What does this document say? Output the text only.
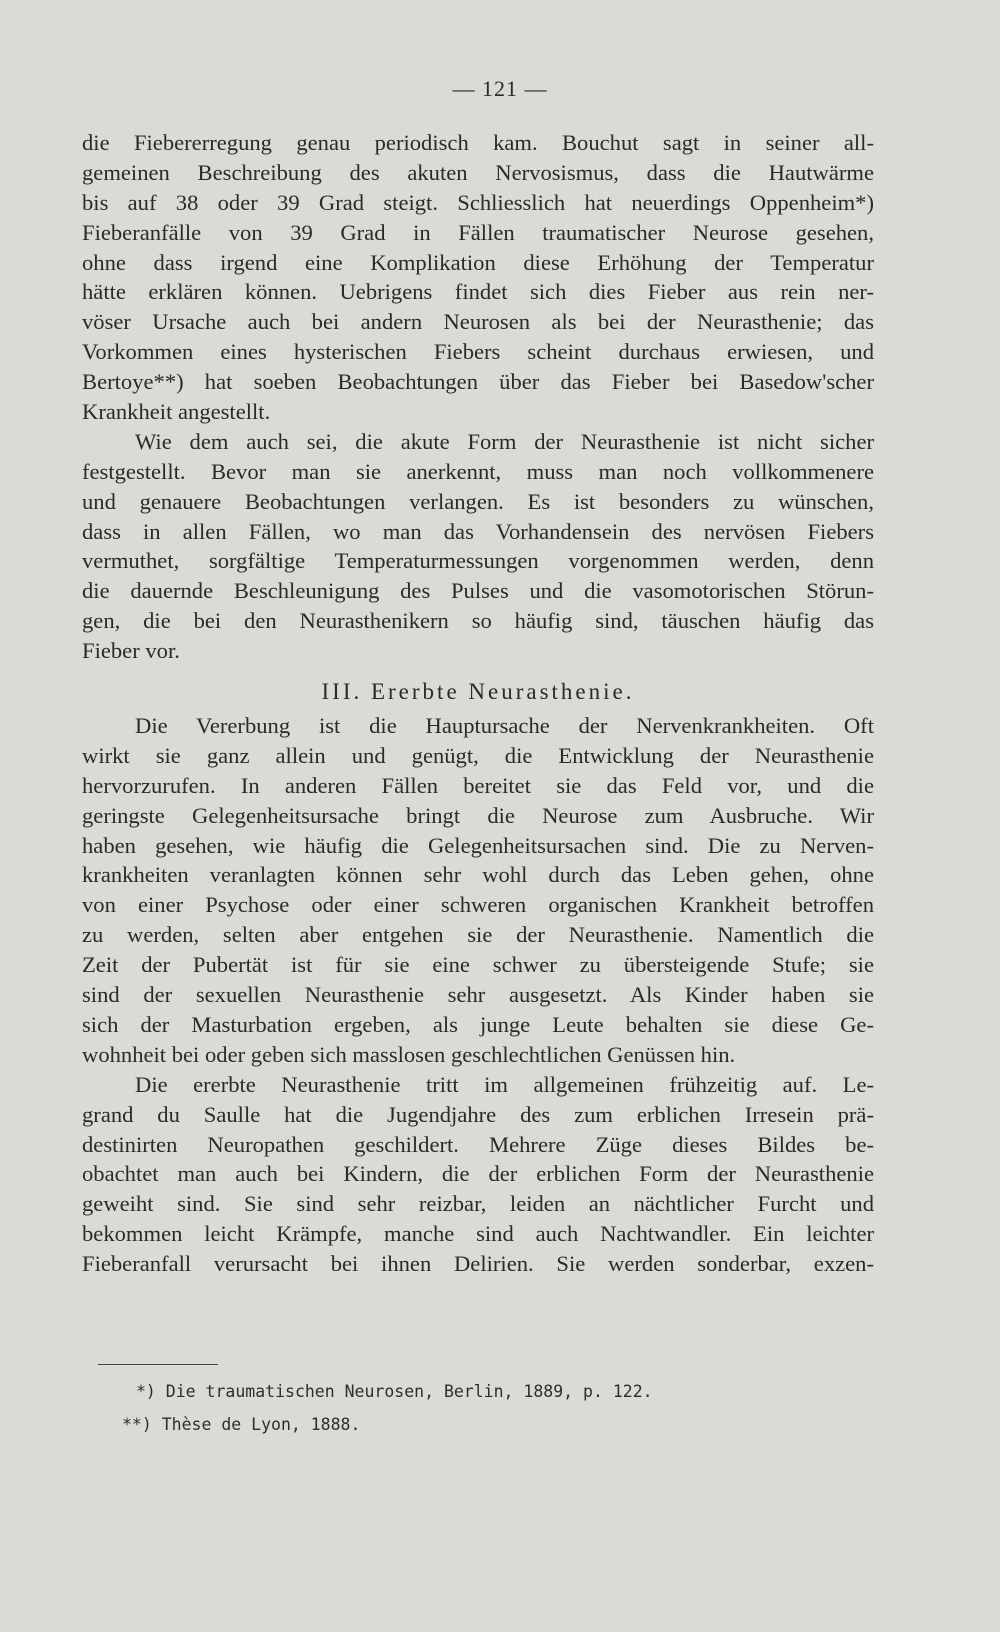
— 121 —
die Fiebererregung genau periodisch kam. Bouchut sagt in seiner all-
gemeinen Beschreibung des akuten Nervosismus, dass die Hautwärme
bis auf 38 oder 39 Grad steigt. Schliesslich hat neuerdings Oppenheim*)
Fieberanfälle von 39 Grad in Fällen traumatischer Neurose gesehen,
ohne dass irgend eine Komplikation diese Erhöhung der Temperatur
hätte erklären können. Uebrigens findet sich dies Fieber aus rein ner-
vöser Ursache auch bei andern Neurosen als bei der Neurasthenie; das
Vorkommen eines hysterischen Fiebers scheint durchaus erwiesen, und
Bertoye**) hat soeben Beobachtungen über das Fieber bei Basedow'scher
Krankheit angestellt.
Wie dem auch sei, die akute Form der Neurasthenie ist nicht sicher
festgestellt. Bevor man sie anerkennt, muss man noch vollkommenere
und genauere Beobachtungen verlangen. Es ist besonders zu wünschen,
dass in allen Fällen, wo man das Vorhandensein des nervösen Fiebers
vermuthet, sorgfältige Temperaturmessungen vorgenommen werden, denn
die dauernde Beschleunigung des Pulses und die vasomotorischen Störun-
gen, die bei den Neurasthenikern so häufig sind, täuschen häufig das
Fieber vor.
III. Ererbte Neurasthenie.
Die Vererbung ist die Hauptursache der Nervenkrankheiten. Oft
wirkt sie ganz allein und genügt, die Entwicklung der Neurasthenie
hervorzurufen. In anderen Fällen bereitet sie das Feld vor, und die
geringste Gelegenheitsursache bringt die Neurose zum Ausbruche. Wir
haben gesehen, wie häufig die Gelegenheitsursachen sind. Die zu Nerven-
krankheiten veranlagten können sehr wohl durch das Leben gehen, ohne
von einer Psychose oder einer schweren organischen Krankheit betroffen
zu werden, selten aber entgehen sie der Neurasthenie. Namentlich die
Zeit der Pubertät ist für sie eine schwer zu übersteigende Stufe; sie
sind der sexuellen Neurasthenie sehr ausgesetzt. Als Kinder haben sie
sich der Masturbation ergeben, als junge Leute behalten sie diese Ge-
wohnheit bei oder geben sich masslosen geschlechtlichen Genüssen hin.
Die ererbte Neurasthenie tritt im allgemeinen frühzeitig auf. Le-
grand du Saulle hat die Jugendjahre des zum erblichen Irresein prä-
destinirten Neuropathen geschildert. Mehrere Züge dieses Bildes be-
obachtet man auch bei Kindern, die der erblichen Form der Neurasthenie
geweiht sind. Sie sind sehr reizbar, leiden an nächtlicher Furcht und
bekommen leicht Krämpfe, manche sind auch Nachtwandler. Ein leichter
Fieberanfall verursacht bei ihnen Delirien. Sie werden sonderbar, exzen-
*) Die traumatischen Neurosen, Berlin, 1889, p. 122.
**) Thèse de Lyon, 1888.
